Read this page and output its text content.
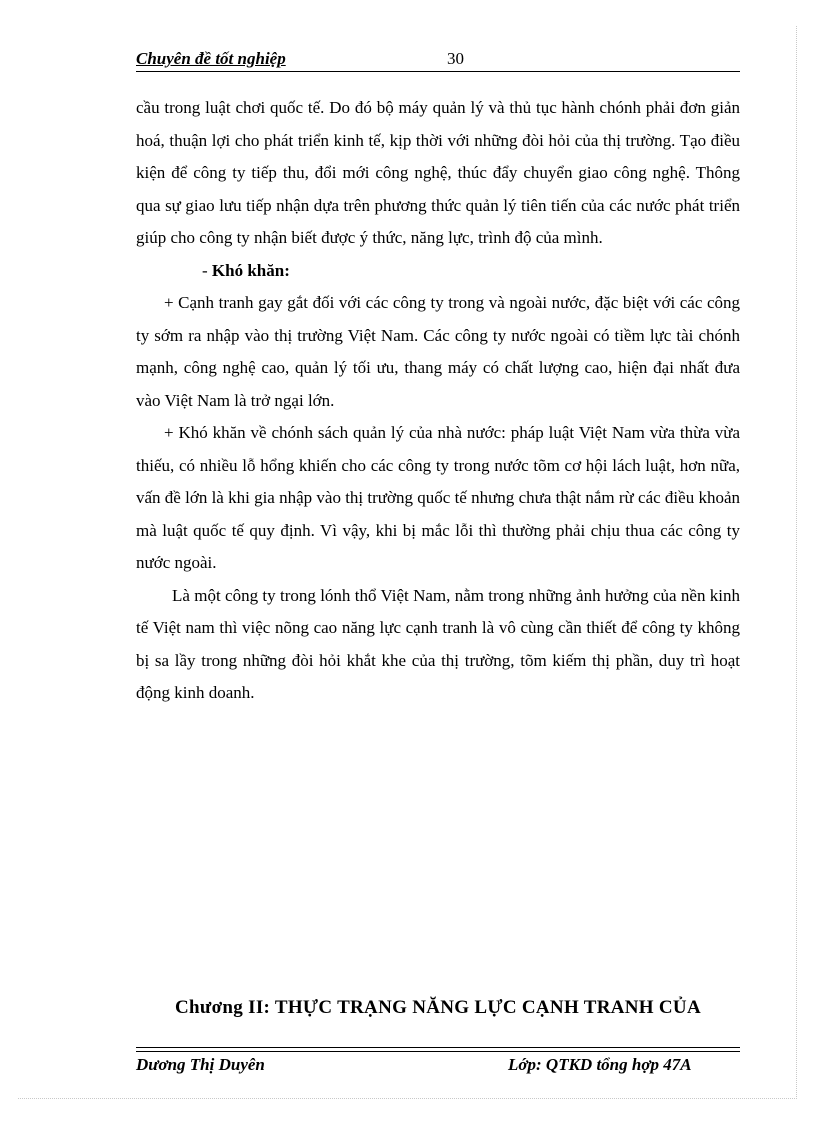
Chuyên đề tốt nghiệp	30

cầu trong luật chơi quốc tế. Do đó bộ máy quản lý và thủ tục hành chónh phải đơn giản hoá, thuận lợi cho phát triển kinh tế, kịp thời với những đòi hỏi của thị trường. Tạo điều kiện để công ty tiếp thu, đổi mới công nghệ, thúc đẩy chuyển giao công nghệ. Thông qua sự giao lưu tiếp nhận dựa trên phương thức quản lý tiên tiến của các nước phát triển giúp cho công ty nhận biết được ý thức, năng lực, trình độ của mình.

- Khó khăn:

+ Cạnh tranh gay gắt đối với các công ty trong và ngoài nước, đặc biệt với các công ty sớm ra nhập vào thị trường Việt Nam. Các công ty nước ngoài có tiềm lực tài chónh mạnh, công nghệ cao, quản lý tối ưu, thang máy có chất lượng cao, hiện đại nhất đưa vào Việt Nam là trở ngại lớn.

+ Khó khăn về chónh sách quản lý của nhà nước: pháp luật Việt Nam vừa thừa vừa thiếu, có nhiều lỗ hổng khiến cho các công ty trong nước tõm cơ hội lách luật, hơn nữa, vấn đề lớn là khi gia nhập vào thị trường quốc tế nhưng chưa thật nắm rừ các điều khoản mà luật quốc tế quy định. Vì vậy, khi bị mắc lỗi thì thường phải chịu thua các công ty nước ngoài.

Là một công ty trong lónh thổ Việt Nam, nằm trong những ảnh hưởng của nền kinh tế Việt nam thì việc nõng cao năng lực cạnh tranh là vô cùng cần thiết để công ty không bị sa lầy trong những đòi hỏi khắt khe của thị trường, tõm kiếm thị phần, duy trì hoạt động kinh doanh.

Chương II: THỰC TRẠNG NĂNG LỰC CẠNH TRANH CỦA
Dương Thị Duyên	Lớp: QTKD tổng hợp 47A
